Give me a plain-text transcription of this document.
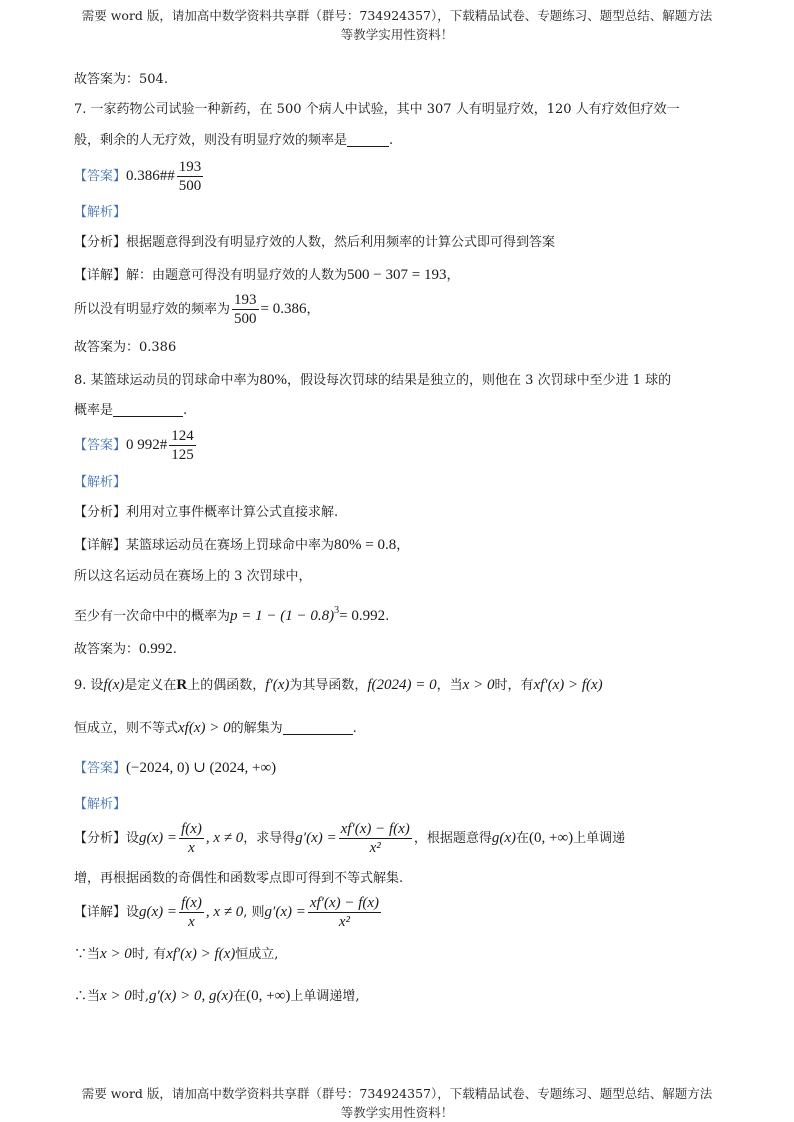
需要 word 版，请加高中数学资料共享群（群号：734924357），下载精品试卷、专题练习、题型总结、解题方法
等教学实用性资料！
故答案为：504.
7. 一家药物公司试验一种新药，在 500 个病人中试验，其中 307 人有明显疗效，120 人有疗效但疗效一
般，剩余的人无疗效，则没有明显疗效的频率是	.
【答案】0.386## $\frac{193}{500}$
【解析】
【分析】根据题意得到没有明显疗效的人数，然后利用频率的计算公式即可得到答案
【详解】解：由题意可得没有明显疗效的人数为500 − 307 = 193，
所以没有明显疗效的频率为 $\frac{193}{500} = 0.386$，
故答案为：0.386
8. 某篮球运动员的罚球命中率为80%，假设每次罚球的结果是独立的，则他在 3 次罚球中至少进 1 球的
概率是	.
【答案】0 992# $\frac{124}{125}$
【解析】
【分析】利用对立事件概率计算公式直接求解.
【详解】某篮球运动员在赛场上罚球命中率为80% = 0.8，
所以这名运动员在赛场上的 3 次罚球中，
至少有一次命中中的概率为$p = 1 - (1 - 0.8)^3= 0.992$.
故答案为：0.992.
9. 设f(x)是定义在R上的偶函数，f′(x)为其导函数，f(2024) = 0，当x > 0时，有xf′(x) > f(x)
恒成立，则不等式xf(x) > 0的解集为	.
【答案】(−2024, 0) ∪ (2024, +∞)
【解析】
【分析】设$g(x) = \frac{f(x)}{x}$ , x ≠ 0，求导得$g'(x) = \frac{xf'(x) - f(x)}{\text{x²}}$ ，根据题意得g(x)在(0, +∞)上单调递
增，再根据函数的奇偶性和函数零点即可得到不等式解集.
【详解】设$g(x) = \frac{f(x)}{x}$ , x ≠ 0, 则$g'(x) = \frac{xf'(x) - f(x)}{\text{x²}}$
∵当x > 0时, 有xf′(x) > f(x)恒成立,
∴当x > 0时,g′(x) > 0, g(x)在(0, +∞)上单调递增,
需要 word 版，请加高中数学资料共享群（群号：734924357），下载精品试卷、专题练习、题型总结、解题方法
等教学实用性资料！
